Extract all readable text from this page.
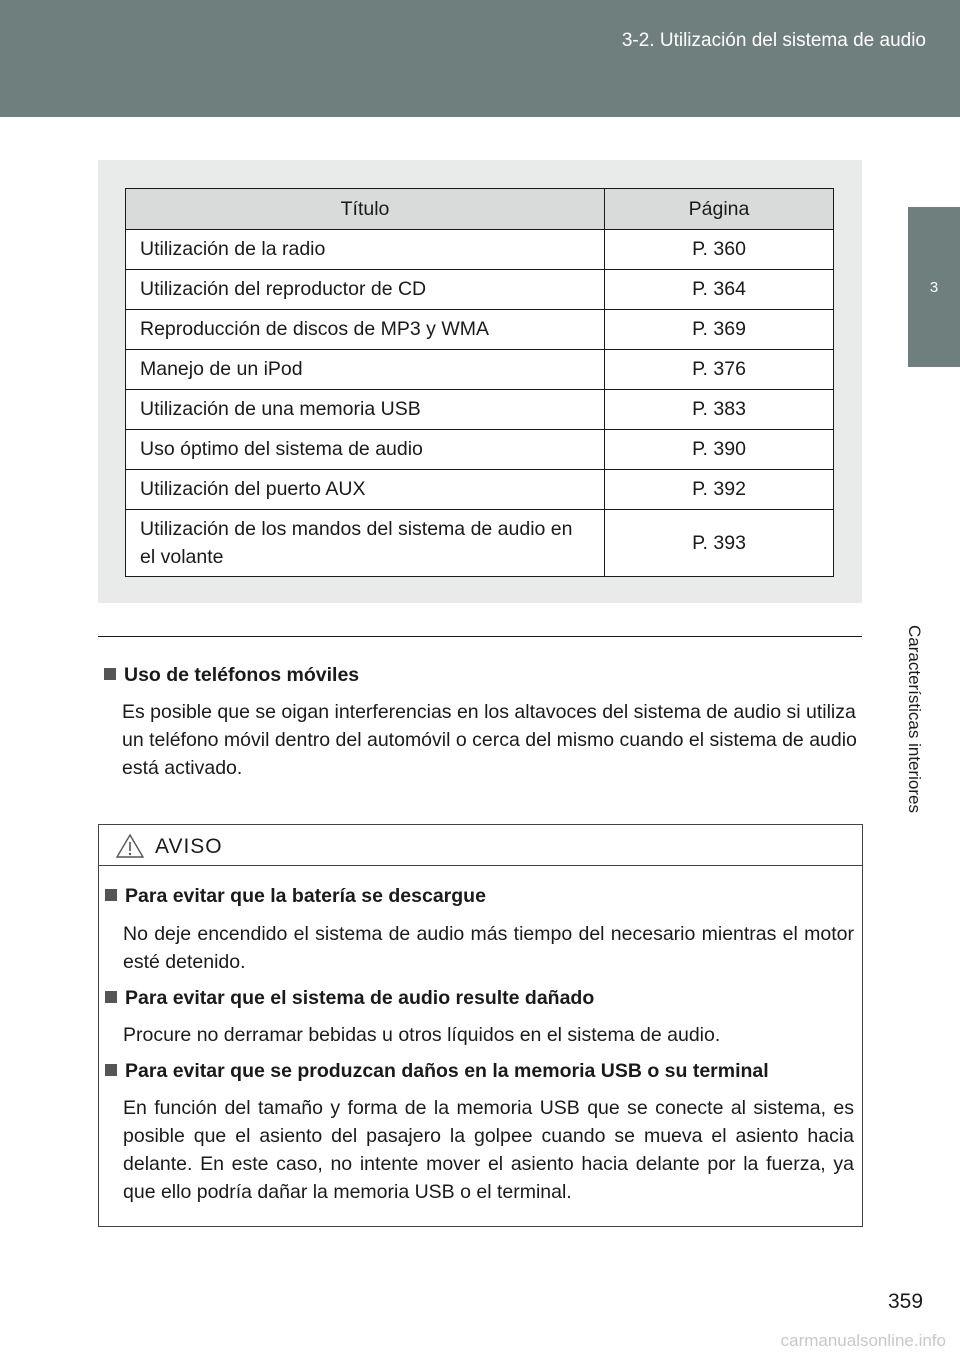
3-2. Utilización del sistema de audio
3
Características interiores
Título	Página
Utilización de la radio	P. 360
Utilización del reproductor de CD	P. 364
Reproducción de discos de MP3 y WMA	P. 369
Manejo de un iPod	P. 376
Utilización de una memoria USB	P. 383
Uso óptimo del sistema de audio	P. 390
Utilización del puerto AUX	P. 392
Utilización de los mandos del sistema de audio en el volante	P. 393
Uso de teléfonos móviles
Es posible que se oigan interferencias en los altavoces del sistema de audio si utiliza un teléfono móvil dentro del automóvil o cerca del mismo cuando el sistema de audio está activado.
AVISO
Para evitar que la batería se descargue
No deje encendido el sistema de audio más tiempo del necesario mientras el motor esté detenido.
Para evitar que el sistema de audio resulte dañado
Procure no derramar bebidas u otros líquidos en el sistema de audio.
Para evitar que se produzcan daños en la memoria USB o su terminal
En función del tamaño y forma de la memoria USB que se conecte al sistema, es posible que el asiento del pasajero la golpee cuando se mueva el asiento hacia delante. En este caso, no intente mover el asiento hacia delante por la fuerza, ya que ello podría dañar la memoria USB o el terminal.
359
carmanualsonline.info
